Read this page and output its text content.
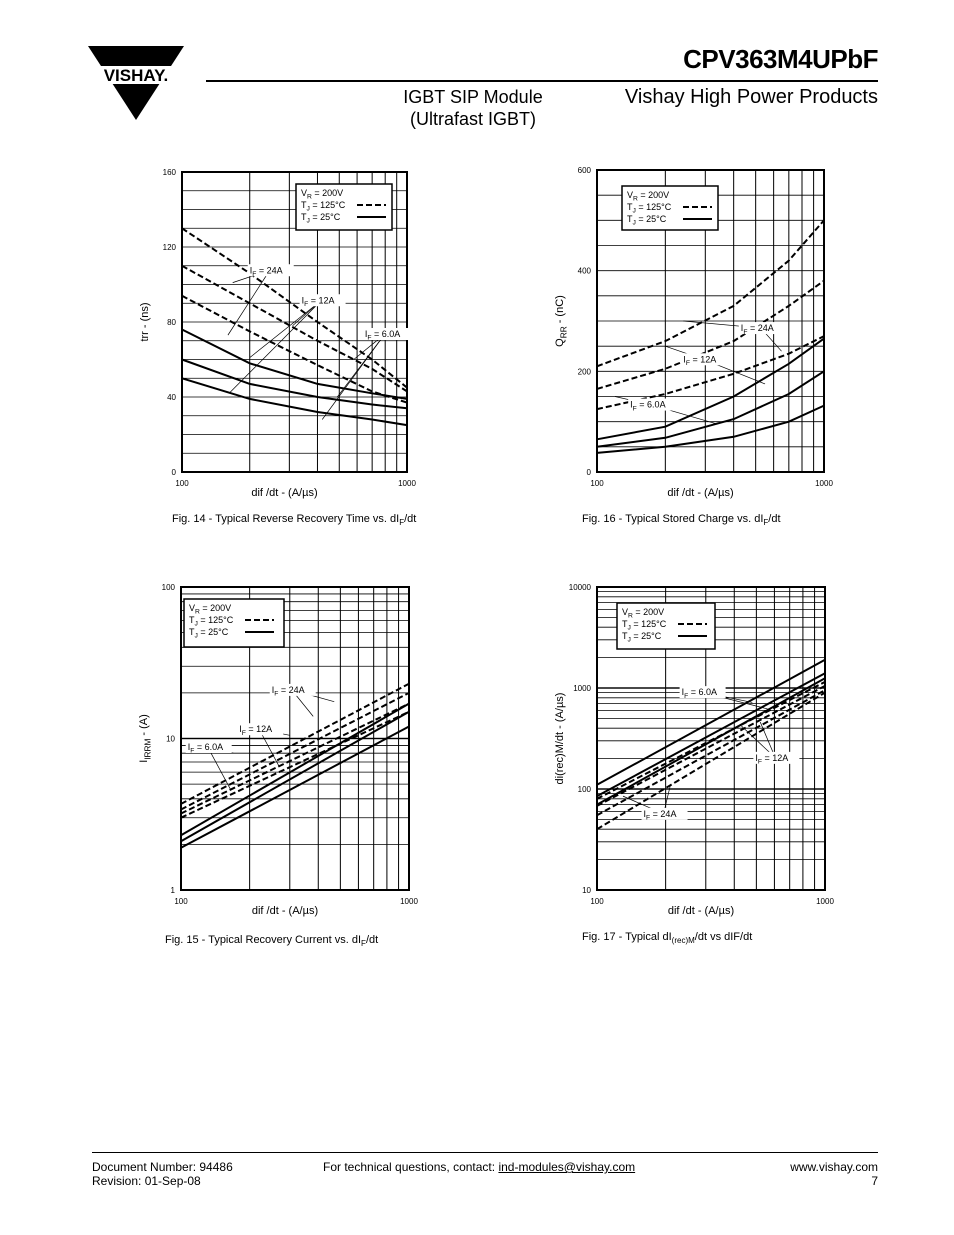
VISHAY.
CPV363M4UPbF
IGBT SIP Module
(Ultrafast IGBT)
Vishay High Power Products
0
40
80
120
160
100	1000
dif /dt - (A/µs)
trr - (ns)
$I_F = 24A$
$I_F = 12A$
$I_F = 6.0A$
$V_R = 200V$
$T_J = 125^\circ C$
$T_J = 25^\circ C$
Fig. 14 - Typical Reverse Recovery Time vs. $dI_F/dt$
0
200
400
600
100	1000
dif /dt - (A/µs)
$Q_{RR} - (nC)$
$I_F = 24A$
$I_F = 12A$
$I_F = 6.0A$
$V_R = 200V$
$T_J = 125^\circ C$
$T_J = 25^\circ C$
Fig. 16 - Typical Stored Charge vs. $dI_F/dt$
1
10
100
100	1000
dif /dt - (A/µs)
$I_{IRRM} - (A)$
$I_F = 24A$
$I_F = 12A$
$I_F = 6.0A$
$V_R = 200V$
$T_J = 125^\circ C$
$T_J = 25^\circ C$
Fig. 15 - Typical Recovery Current vs. $dI_F/dt$
10
100
1000
10000
100	1000
dif /dt - (A/µs)
di(rec)M/dt - (A/µs)
$I_F = 6.0A$
$I_F = 12A$
$I_F = 24A$
$V_R = 200V$
$T_J = 125^\circ C$
$T_J = 25^\circ C$
Fig. 17 - Typical $dI_{(rec)M}/dt$ vs dIF/dt
Document Number: 94486
Revision: 01-Sep-08
For technical questions, contact: ind-modules@vishay.com	www.vishay.com
7
